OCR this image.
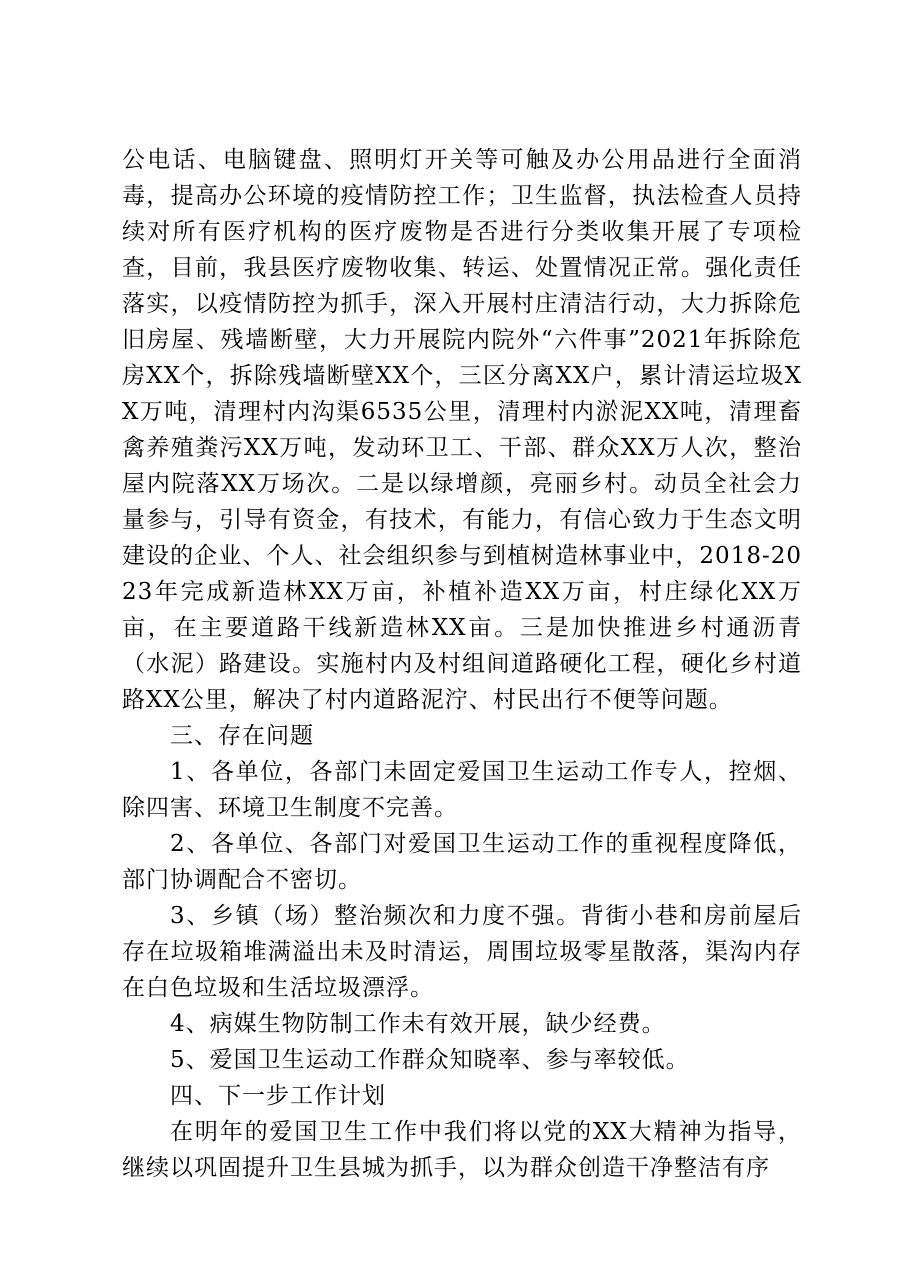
公电话、电脑键盘、照明灯开关等可触及办公用品进行全面消毒，提高办公环境的疫情防控工作；卫生监督，执法检查人员持续对所有医疗机构的医疗废物是否进行分类收集开展了专项检查，目前，我县医疗废物收集、转运、处置情况正常。强化责任落实，以疫情防控为抓手，深入开展村庄清洁行动，大力拆除危旧房屋、残墙断壁，大力开展院内院外“六件事”2021年拆除危房XX个，拆除残墙断壁XX个，三区分离XX户，累计清运垃圾XX万吨，清理村内沟渠6535公里，清理村内淤泥XX吨，清理畜禽养殖粪污XX万吨，发动环卫工、干部、群众XX万人次，整治屋内院落XX万场次。二是以绿增颜，亮丽乡村。动员全社会力量参与，引导有资金，有技术，有能力，有信心致力于生态文明建设的企业、个人、社会组织参与到植树造林事业中，2018-2023年完成新造林XX万亩，补植补造XX万亩，村庄绿化XX万亩，在主要道路干线新造林XX亩。三是加快推进乡村通沥青（水泥）路建设。实施村内及村组间道路硬化工程，硬化乡村道路XX公里，解决了村内道路泥泞、村民出行不便等问题。

三、存在问题

1、各单位，各部门未固定爱国卫生运动工作专人，控烟、除四害、环境卫生制度不完善。

2、各单位、各部门对爱国卫生运动工作的重视程度降低，部门协调配合不密切。

3、乡镇（场）整治频次和力度不强。背街小巷和房前屋后存在垃圾箱堆满溢出未及时清运，周围垃圾零星散落，渠沟内存在白色垃圾和生活垃圾漂浮。

4、病媒生物防制工作未有效开展，缺少经费。

5、爱国卫生运动工作群众知晓率、参与率较低。

四、下一步工作计划

在明年的爱国卫生工作中我们将以党的XX大精神为指导，继续以巩固提升卫生县城为抓手，以为群众创造干净整洁有序
